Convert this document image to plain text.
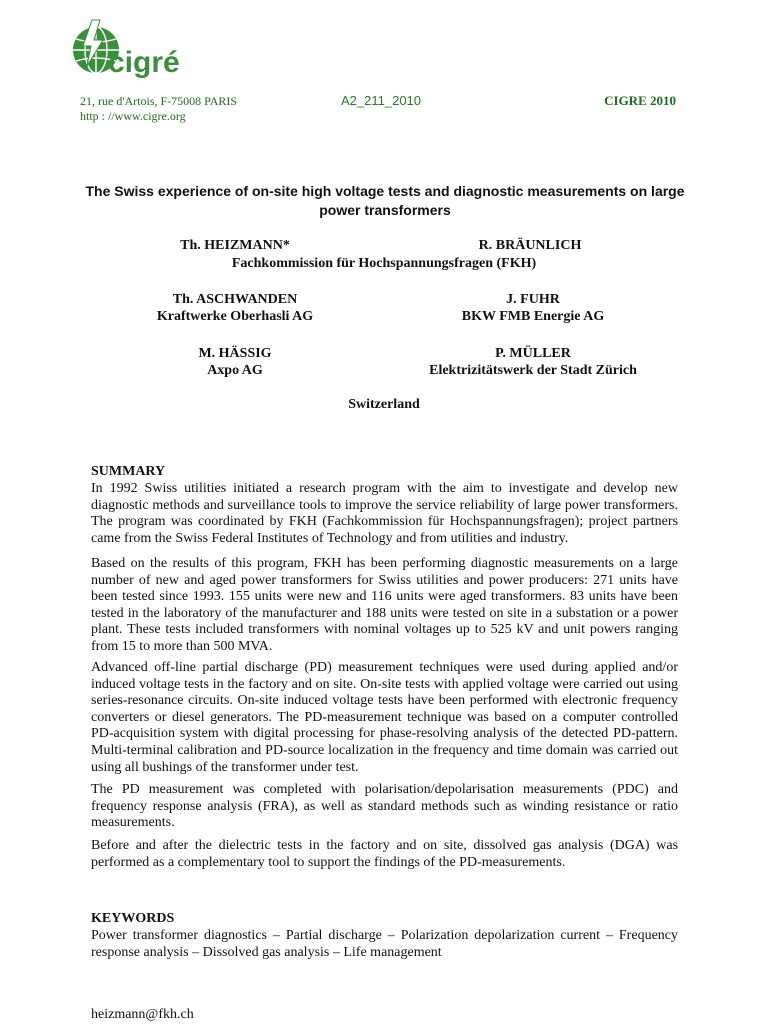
cigré
21, rue d'Artois, F-75008 PARIS
http : //www.cigre.org
A2_211_2010	CIGRE 2010
The Swiss experience of on-site high voltage tests and diagnostic measurements on large power transformers
Th. HEIZMANN*	R. BRÄUNLICH
Fachkommission für Hochspannungsfragen (FKH)
Th. ASCHWANDEN
Kraftwerke Oberhasli AG
J. FUHR
BKW FMB Energie AG
M. HÄSSIG
Axpo AG
P. MÜLLER
Elektrizitätswerk der Stadt Zürich
Switzerland
SUMMARY

In 1992 Swiss utilities initiated a research program with the aim to investigate and develop new diagnostic methods and surveillance tools to improve the service reliability of large power transformers. The program was coordinated by FKH (Fachkommission für Hochspannungsfragen); project partners came from the Swiss Federal Institutes of Technology and from utilities and industry.

Based on the results of this program, FKH has been performing diagnostic measurements on a large number of new and aged power transformers for Swiss utilities and power producers: 271 units have been tested since 1993. 155 units were new and 116 units were aged transformers. 83 units have been tested in the laboratory of the manufacturer and 188 units were tested on site in a substation or a power plant. These tests included transformers with nominal voltages up to 525 kV and unit powers ranging from 15 to more than 500 MVA.

Advanced off-line partial discharge (PD) measurement techniques were used during applied and/or induced voltage tests in the factory and on site. On-site tests with applied voltage were carried out using series-resonance circuits. On-site induced voltage tests have been performed with electronic frequency converters or diesel generators. The PD-measurement technique was based on a computer controlled PD-acquisition system with digital processing for phase-resolving analysis of the detected PD-pattern. Multi-terminal calibration and PD-source localization in the frequency and time domain was carried out using all bushings of the transformer under test.

The PD measurement was completed with polarisation/depolarisation measurements (PDC) and frequency response analysis (FRA), as well as standard methods such as winding resistance or ratio measurements.

Before and after the dielectric tests in the factory and on site, dissolved gas analysis (DGA) was performed as a complementary tool to support the findings of the PD-measurements.

KEYWORDS

Power transformer diagnostics – Partial discharge – Polarization depolarization current – Frequency response analysis – Dissolved gas analysis – Life management

heizmann@fkh.ch
